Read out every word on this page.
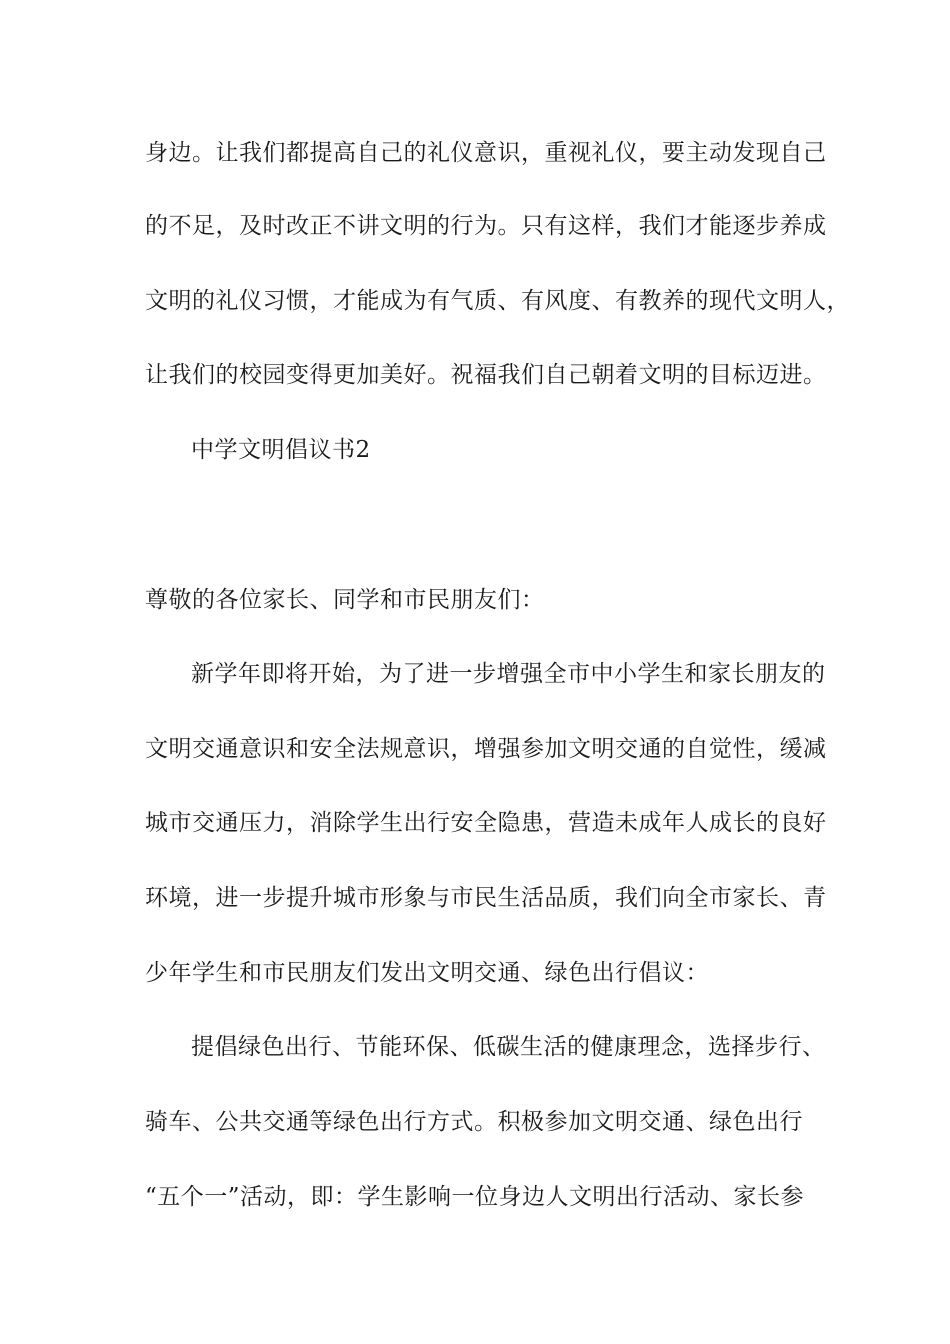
身边。让我们都提高自己的礼仪意识，重视礼仪，要主动发现自己
的不足，及时改正不讲文明的行为。只有这样，我们才能逐步养成
文明的礼仪习惯，才能成为有气质、有风度、有教养的现代文明人，
让我们的校园变得更加美好。祝福我们自己朝着文明的目标迈进。
中学文明倡议书2
尊敬的各位家长、同学和市民朋友们：
新学年即将开始，为了进一步增强全市中小学生和家长朋友的
文明交通意识和安全法规意识，增强参加文明交通的自觉性，缓减
城市交通压力，消除学生出行安全隐患，营造未成年人成长的良好
环境，进一步提升城市形象与市民生活品质，我们向全市家长、青
少年学生和市民朋友们发出文明交通、绿色出行倡议：
提倡绿色出行、节能环保、低碳生活的健康理念，选择步行、
骑车、公共交通等绿色出行方式。积极参加文明交通、绿色出行
“五个一”活动，即：学生影响一位身边人文明出行活动、家长参
